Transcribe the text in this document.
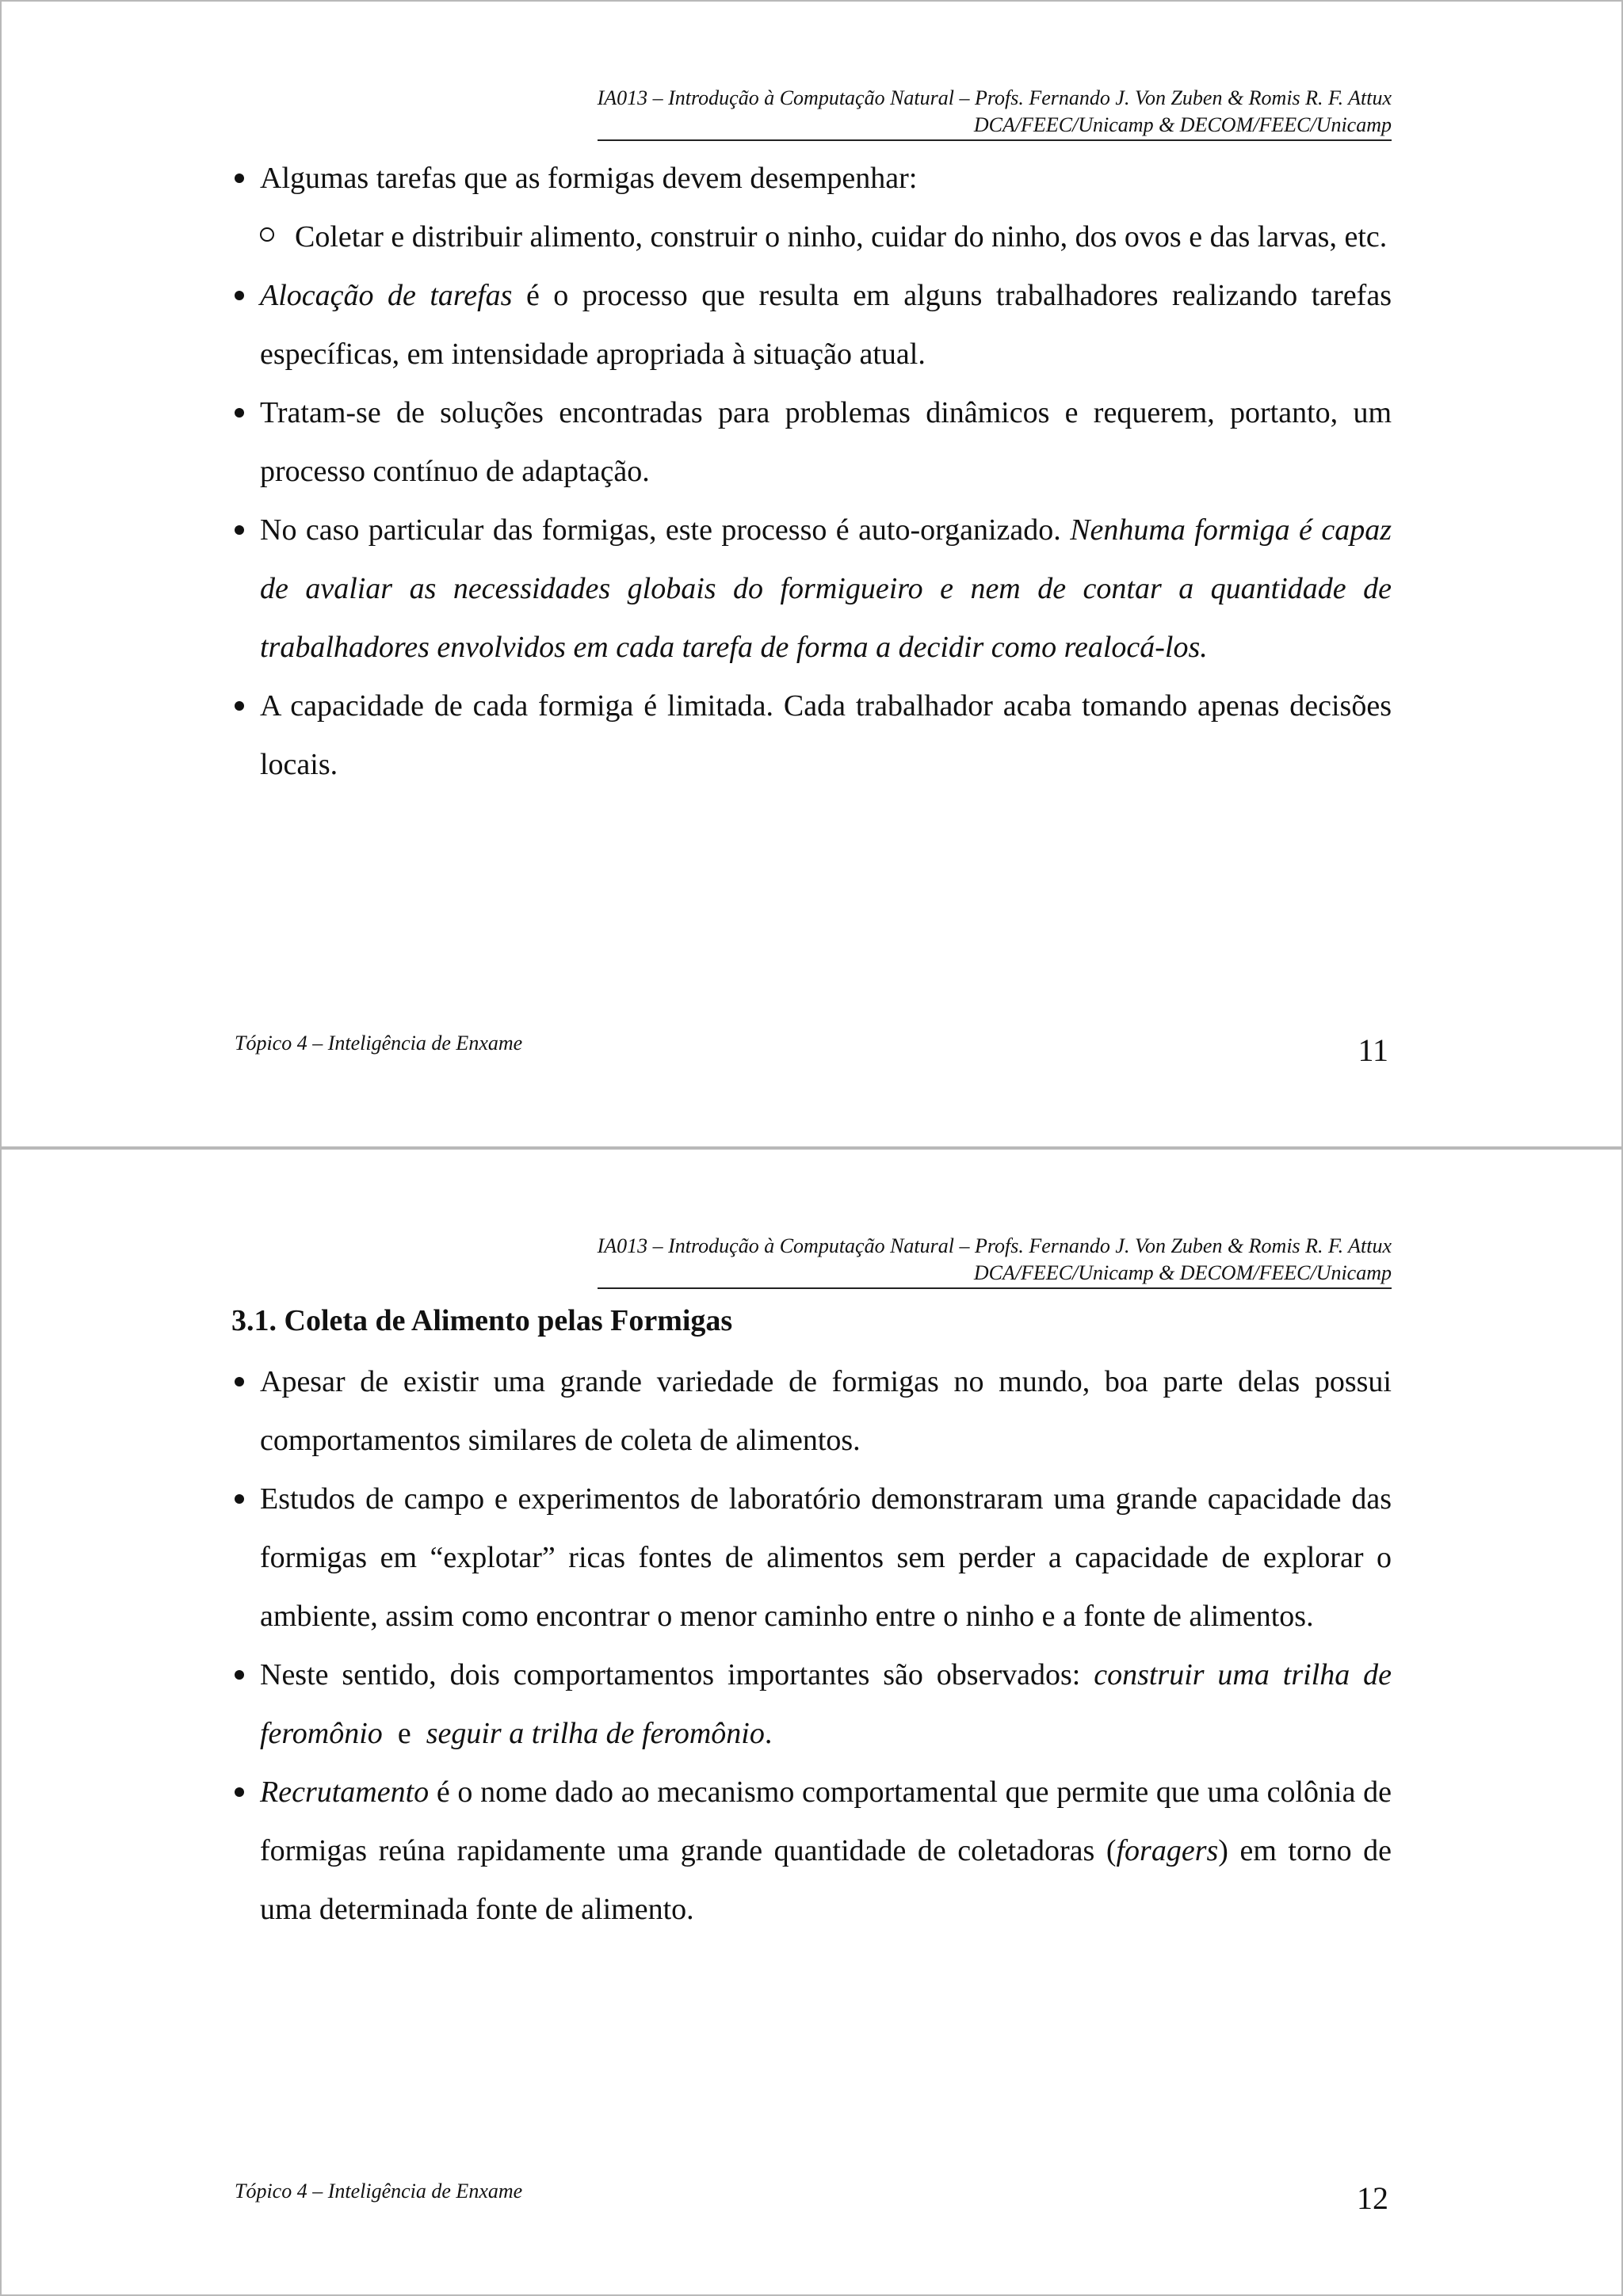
IA013 – Introdução à Computação Natural – Profs. Fernando J. Von Zuben & Romis R. F. Attux
DCA/FEEC/Unicamp & DECOM/FEEC/Unicamp

Algumas tarefas que as formigas devem desempenhar:

Coletar e distribuir alimento, construir o ninho, cuidar do ninho, dos ovos e das larvas, etc.

Alocação de tarefas é o processo que resulta em alguns trabalhadores realizando tarefas específicas, em intensidade apropriada à situação atual.

Tratam-se de soluções encontradas para problemas dinâmicos e requerem, portanto, um processo contínuo de adaptação.

No caso particular das formigas, este processo é auto-organizado. Nenhuma formiga é capaz de avaliar as necessidades globais do formigueiro e nem de contar a quantidade de trabalhadores envolvidos em cada tarefa de forma a decidir como realocá-los.

A capacidade de cada formiga é limitada. Cada trabalhador acaba tomando apenas decisões locais.

Tópico 4 – Inteligência de Enxame	11
IA013 – Introdução à Computação Natural – Profs. Fernando J. Von Zuben & Romis R. F. Attux
DCA/FEEC/Unicamp & DECOM/FEEC/Unicamp

3.1. Coleta de Alimento pelas Formigas

Apesar de existir uma grande variedade de formigas no mundo, boa parte delas possui comportamentos similares de coleta de alimentos.

Estudos de campo e experimentos de laboratório demonstraram uma grande capacidade das formigas em “explotar” ricas fontes de alimentos sem perder a capacidade de explorar o ambiente, assim como encontrar o menor caminho entre o ninho e a fonte de alimentos.

Neste sentido, dois comportamentos importantes são observados: construir uma trilha de feromônio  e  seguir a trilha de feromônio.

Recrutamento é o nome dado ao mecanismo comportamental que permite que uma colônia de formigas reúna rapidamente uma grande quantidade de coletadoras (foragers) em torno de uma determinada fonte de alimento.

Tópico 4 – Inteligência de Enxame	12
